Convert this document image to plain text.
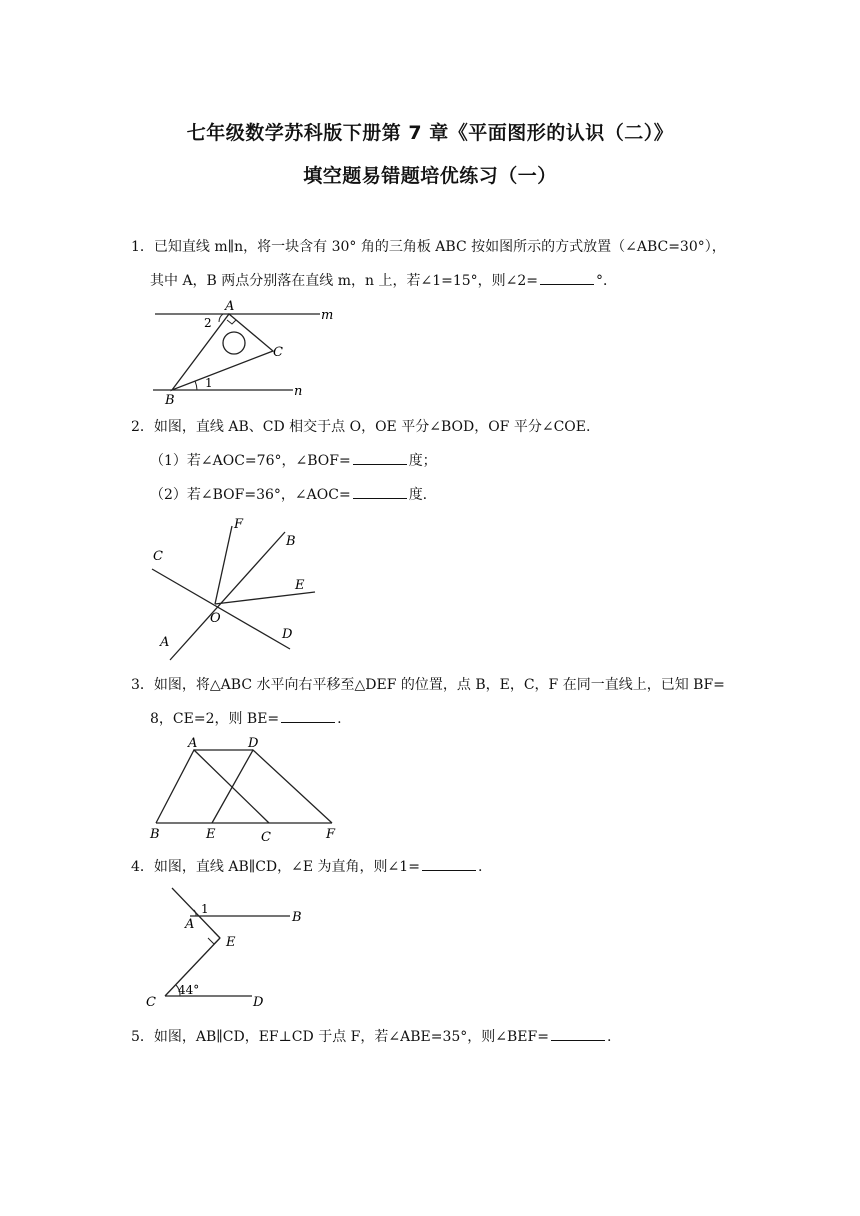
七年级数学苏科版下册第 7 章《平面图形的认识（二）》
填空题易错题培优练习（一）
1．已知直线 m∥n，将一块含有 30° 角的三角板 ABC 按如图所示的方式放置（∠ABC=30°），
其中 A，B 两点分别落在直线 m，n 上，若∠1=15°，则∠2=	°．
A
2
C
1
B
m
n
2．如图，直线 AB、CD 相交于点 O，OE 平分∠BOD，OF 平分∠COE.
（1）若∠AOC=76°，∠BOF=	度；
（2）若∠BOF=36°，∠AOC=	度.
F
B
C
E
O
D
A
3．如图，将△ABC 水平向右平移至△DEF 的位置，点 B，E，C，F 在同一直线上，已知 BF=
8，CE=2，则 BE=	.
A	D
B	E	C	F
4．如图，直线 AB∥CD，∠E 为直角，则∠1=	.
1
A	B
E
44°
C	D
5．如图，AB∥CD，EF⊥CD 于点 F，若∠ABE=35°，则∠BEF=	.
